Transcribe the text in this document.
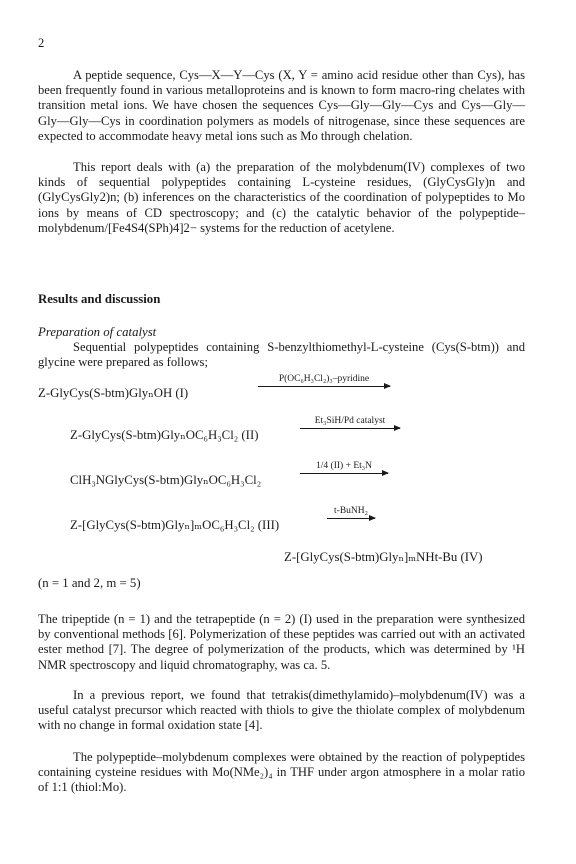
2

A peptide sequence, Cys—X—Y—Cys (X, Y = amino acid residue other than Cys), has been frequently found in various metalloproteins and is known to form macro-ring chelates with transition metal ions. We have chosen the sequences Cys—Gly—Gly—Cys and Cys—Gly—Gly—Gly—Cys in coordination polymers as models of nitrogenase, since these sequences are expected to accommodate heavy metal ions such as Mo through chelation.

This report deals with (a) the preparation of the molybdenum(IV) complexes of two kinds of sequential polypeptides containing L-cysteine residues, (GlyCysGly)n and (GlyCysGly2)n; (b) inferences on the characteristics of the coordination of polypeptides to Mo ions by means of CD spectroscopy; and (c) the catalytic behavior of the polypeptide–molybdenum/[Fe4S4(SPh)4]2− systems for the reduction of acetylene.

Results and discussion
Preparation of catalyst

Sequential polypeptides containing S-benzylthiomethyl-L-cysteine (Cys(S-btm)) and glycine were prepared as follows;

Z-GlyCys(S-btm)GlyₙOH (I)
P(OC₆H₃Cl₂)₃–pyridine
Z-GlyCys(S-btm)GlyₙOC₆H₃Cl₂ (II)
Et₃SiH/Pd catalyst
ClH₃NGlyCys(S-btm)GlyₙOC₆H₃Cl₂
1/4 (II) + Et₃N
Z-[GlyCys(S-btm)Glyₙ]ₘOC₆H₃Cl₂ (III)
t-BuNH₂
Z-[GlyCys(S-btm)Glyₙ]ₘNHt-Bu (IV)
(n = 1 and 2, m = 5)

The tripeptide (n = 1) and the tetrapeptide (n = 2) (I) used in the preparation were synthesized by conventional methods [6]. Polymerization of these peptides was carried out with an activated ester method [7]. The degree of polymerization of the products, which was determined by ¹H NMR spectroscopy and liquid chromatography, was ca. 5.

In a previous report, we found that tetrakis(dimethylamido)–molybdenum(IV) was a useful catalyst precursor which reacted with thiols to give the thiolate complex of molybdenum with no change in formal oxidation state [4].

The polypeptide–molybdenum complexes were obtained by the reaction of polypeptides containing cysteine residues with Mo(NMe₂)₄ in THF under argon atmosphere in a molar ratio of 1:1 (thiol:Mo).
